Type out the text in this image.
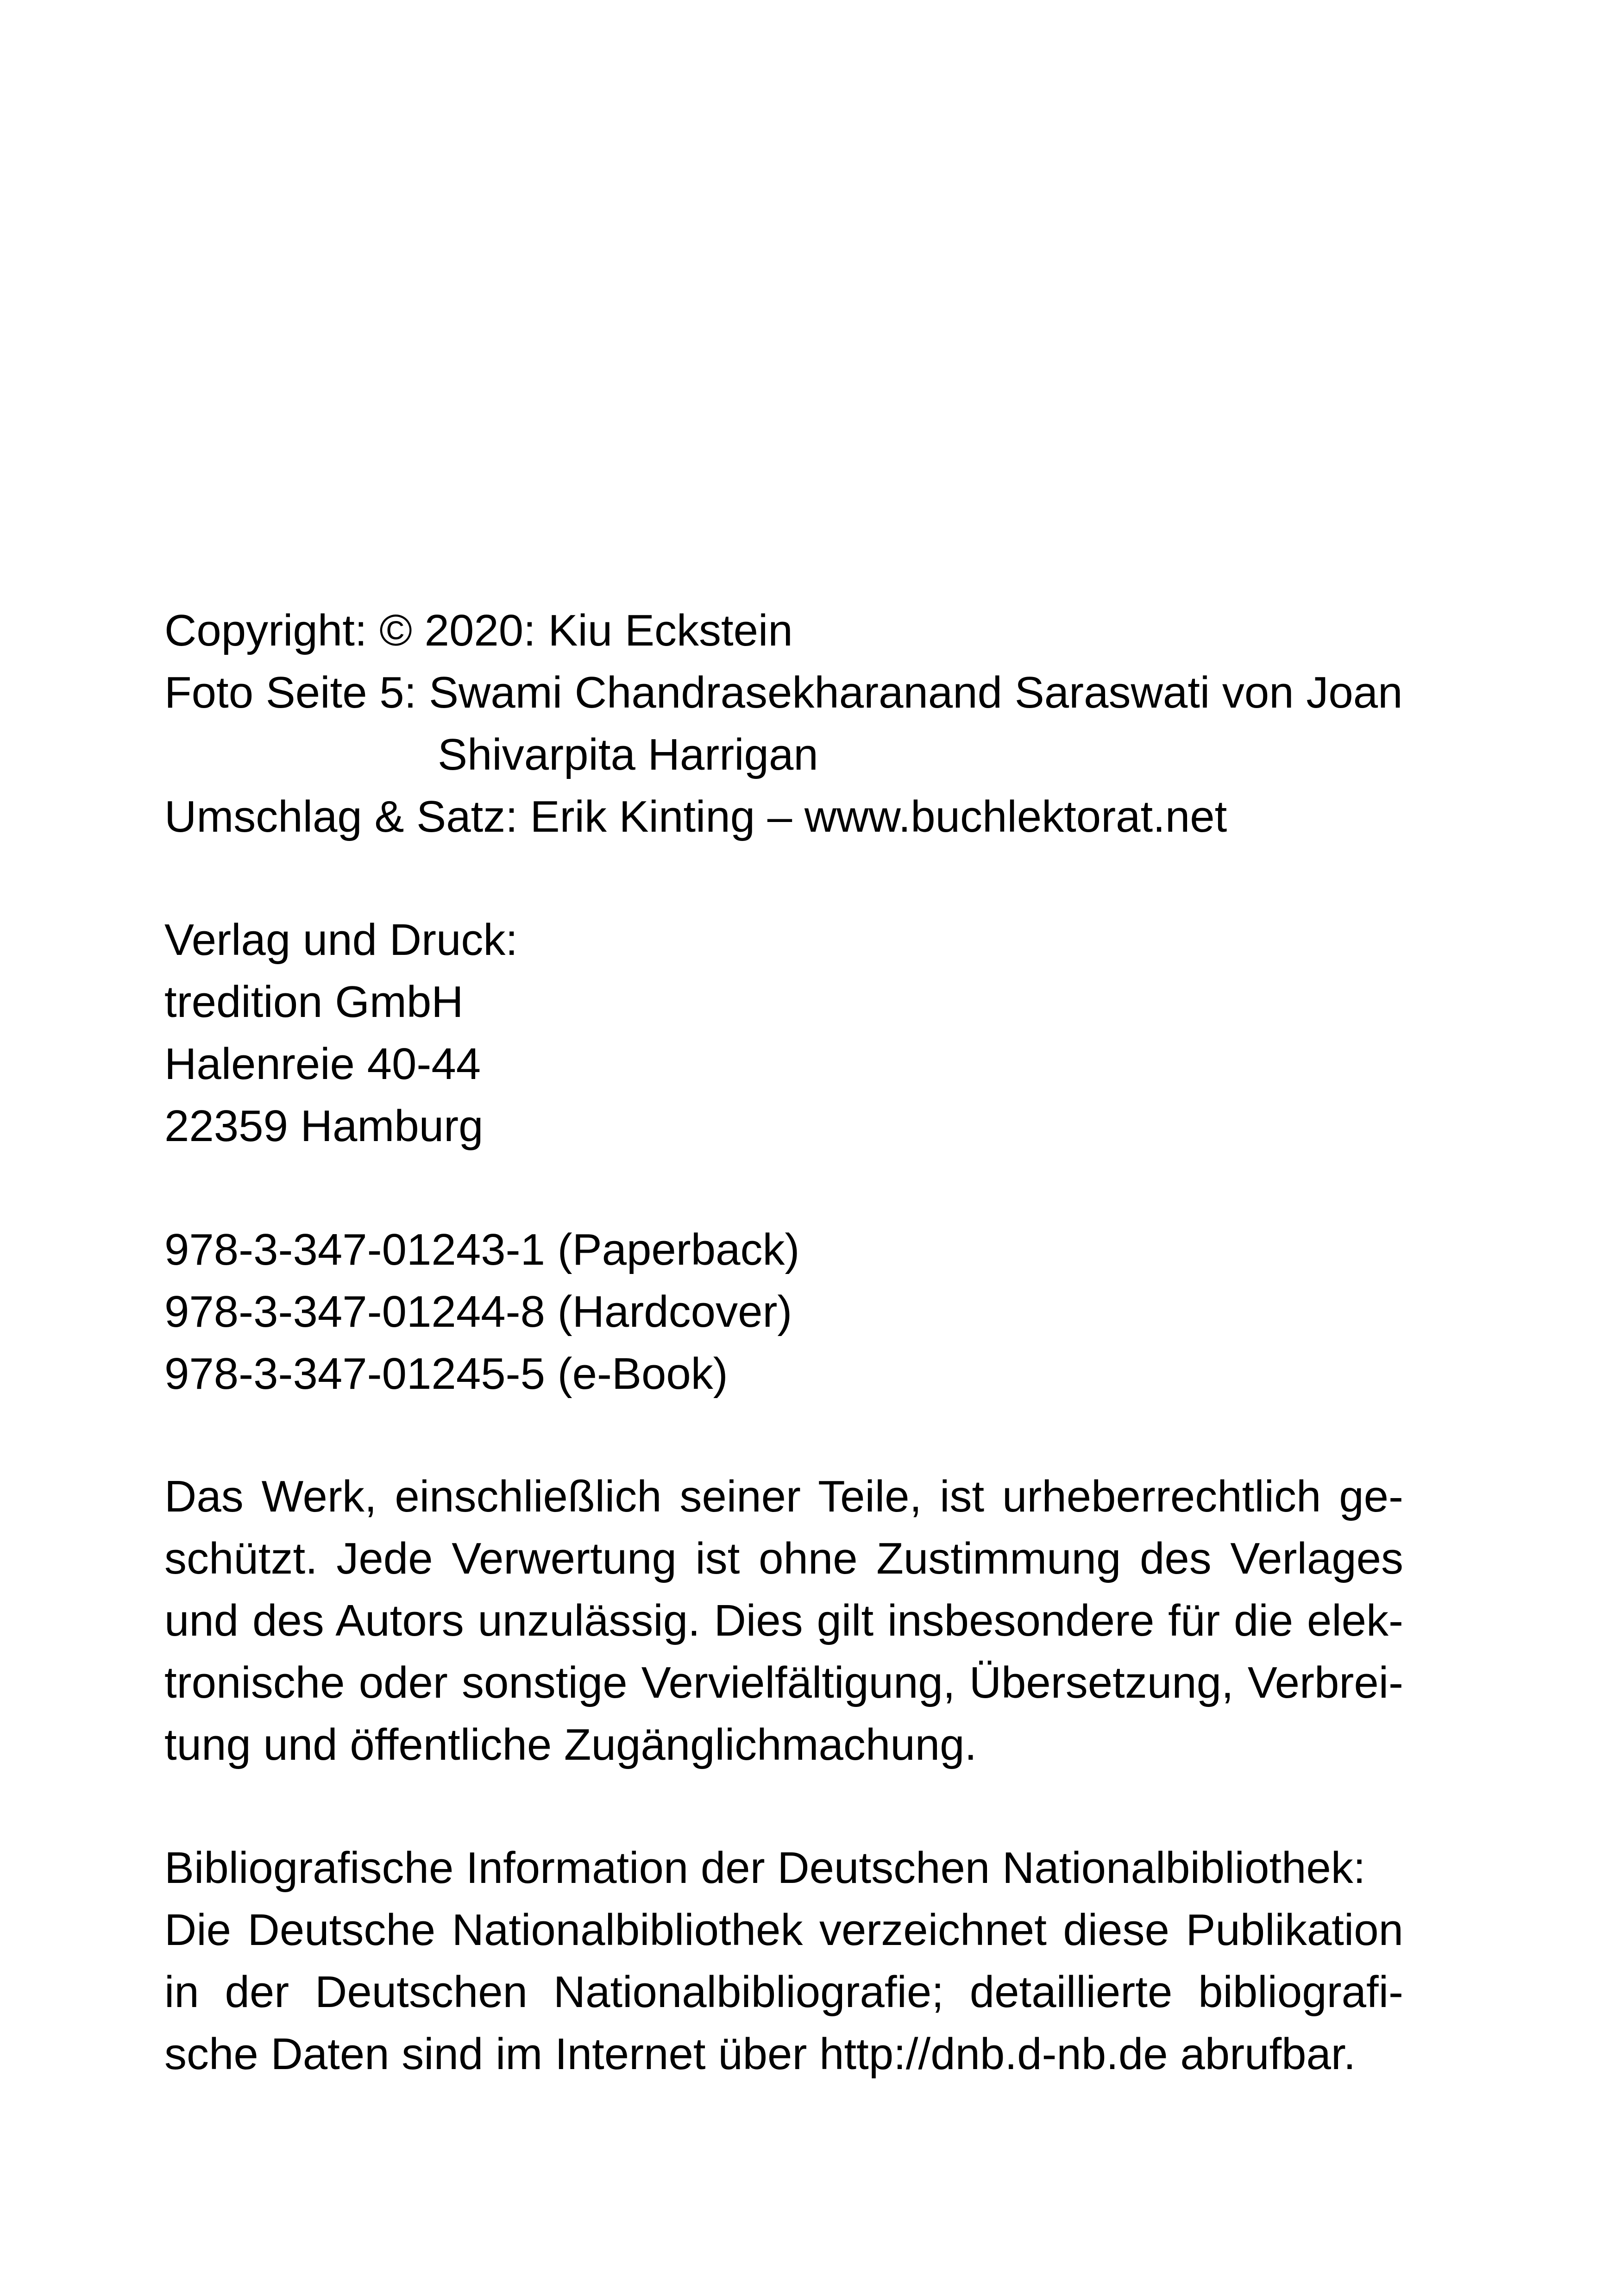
Copyright: © 2020: Kiu Eckstein
Foto Seite 5: Swami Chandrasekharanand Saraswati von Joan
Shivarpita Harrigan
Umschlag & Satz: Erik Kinting – www.buchlektorat.net
Verlag und Druck:
tredition GmbH
Halenreie 40-44
22359 Hamburg
978-3-347-01243-1 (Paperback)
978-3-347-01244-8 (Hardcover)
978-3-347-01245-5 (e-Book)
Das Werk, einschließlich seiner Teile, ist urheberrechtlich ge-
schützt. Jede Verwertung ist ohne Zustimmung des Verlages
und des Autors unzulässig. Dies gilt insbesondere für die elek-
tronische oder sonstige Vervielfältigung, Übersetzung, Verbrei-
tung und öffentliche Zugänglichmachung.
Bibliografische Information der Deutschen Nationalbibliothek:
Die Deutsche Nationalbibliothek verzeichnet diese Publikation
in der Deutschen Nationalbibliografie; detaillierte bibliografi-
sche Daten sind im Internet über http://dnb.d-nb.de abrufbar.
